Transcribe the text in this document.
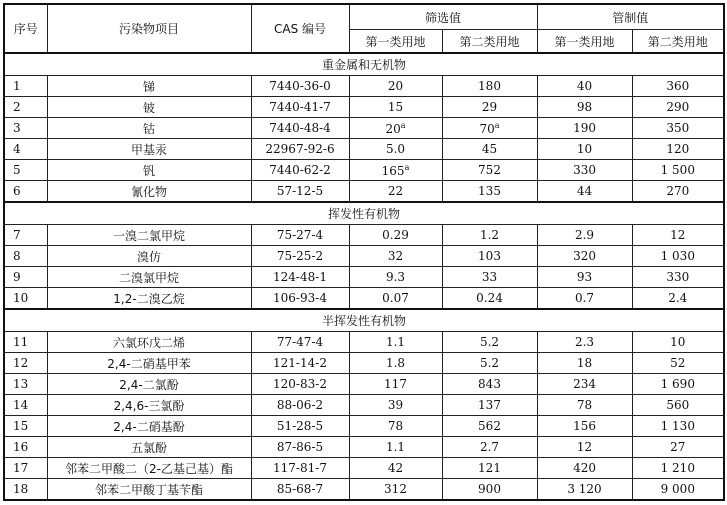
序号	污染物项目	CAS 编号	筛选值		管制值	
			第一类用地	第二类用地	第一类用地	第二类用地
重金属和无机物						
1	锑	7440-36-0	20	180	40	360
2	铍	7440-41-7	15	29	98	290
3	钴	7440-48-4	20$^a$	70$^a$	190	350
4	甲基汞	22967-92-6	5.0	45	10	120
5	钒	7440-62-2	165$^a$	752	330	1 500
6	氰化物	57-12-5	22	135	44	270
挥发性有机物						
7	一溴二氯甲烷	75-27-4	0.29	1.2	2.9	12
8	溴仿	75-25-2	32	103	320	1 030
9	二溴氯甲烷	124-48-1	9.3	33	93	330
10	1,2-二溴乙烷	106-93-4	0.07	0.24	0.7	2.4
半挥发性有机物						
11	六氯环戊二烯	77-47-4	1.1	5.2	2.3	10
12	2,4-二硝基甲苯	121-14-2	1.8	5.2	18	52
13	2,4-二氯酚	120-83-2	117	843	234	1 690
14	2,4,6-三氯酚	88-06-2	39	137	78	560
15	2,4-二硝基酚	51-28-5	78	562	156	1 130
16	五氯酚	87-86-5	1.1	2.7	12	27
17	邻苯二甲酸二（2-乙基己基）酯	117-81-7	42	121	420	1 210
18	邻苯二甲酸丁基苄酯	85-68-7	312	900	3 120	9 000
